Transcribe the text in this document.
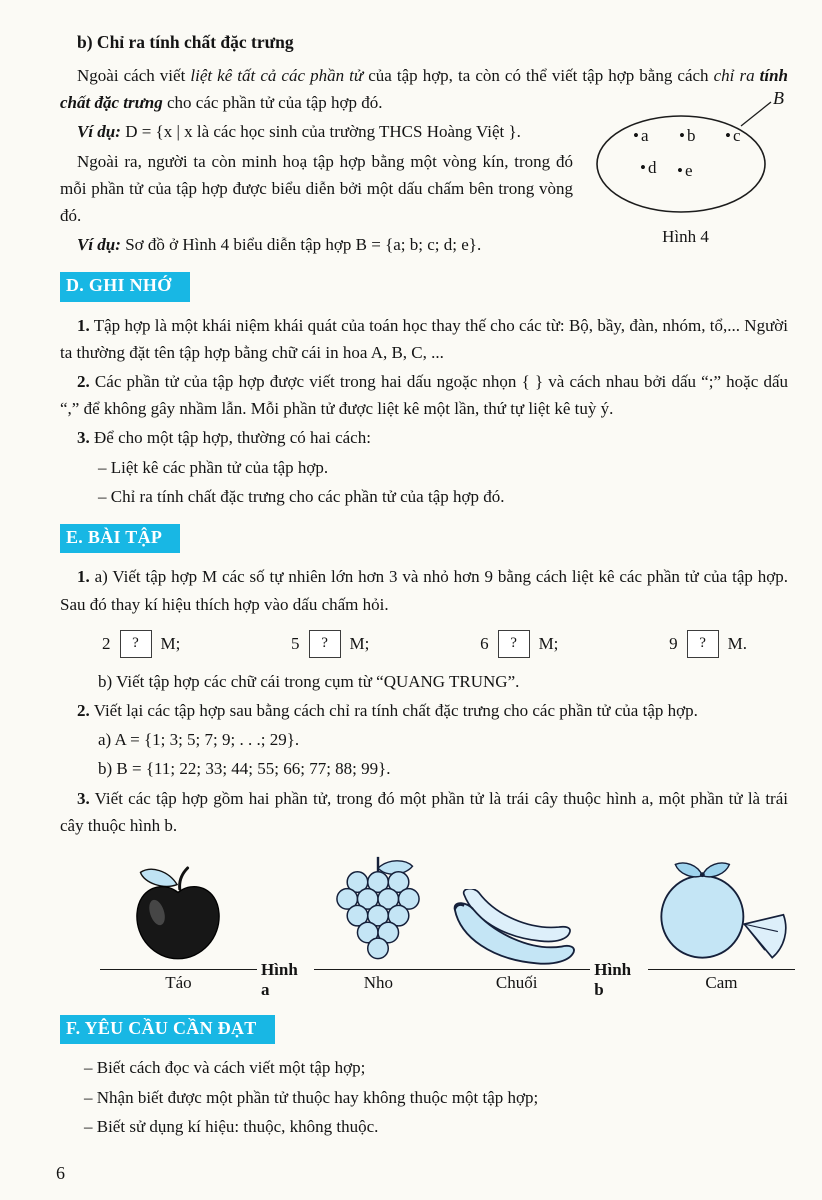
b) Chỉ ra tính chất đặc trưng

Ngoài cách viết liệt kê tất cả các phần tử của tập hợp, ta còn có thể viết tập hợp bằng cách chỉ ra tính chất đặc trưng cho các phần tử của tập hợp đó.	B
• a	• b	• c
• d	• e
Hình 4

Ví dụ: D = {x | x là các học sinh của trường THCS Hoàng Việt }.

Ngoài ra, người ta còn minh hoạ tập hợp bằng một vòng kín, trong đó mỗi phần tử của tập hợp được biểu diễn bởi một dấu chấm bên trong vòng đó.

Ví dụ: Sơ đồ ở Hình 4 biểu diễn tập hợp B = {a; b; c; d; e}.

D. GHI NHỚ

1. Tập hợp là một khái niệm khái quát của toán học thay thế cho các từ: Bộ, bầy, đàn, nhóm, tổ,... Người ta thường đặt tên tập hợp bằng chữ cái in hoa A, B, C, ...

2. Các phần tử của tập hợp được viết trong hai dấu ngoặc nhọn { } và cách nhau bởi dấu “;” hoặc dấu “,” để không gây nhầm lẫn. Mỗi phần tử được liệt kê một lần, thứ tự liệt kê tuỳ ý.

3. Để cho một tập hợp, thường có hai cách:

– Liệt kê các phần tử của tập hợp.

– Chỉ ra tính chất đặc trưng cho các phần tử của tập hợp đó.

E. BÀI TẬP

1. a) Viết tập hợp M các số tự nhiên lớn hơn 3 và nhỏ hơn 9 bằng cách liệt kê các phần tử của tập hợp. Sau đó thay kí hiệu thích hợp vào dấu chấm hỏi.

2	?	M;	5	?	M;	6	?	M;	9	?	M.

b) Viết tập hợp các chữ cái trong cụm từ “QUANG TRUNG”.

2. Viết lại các tập hợp sau bằng cách chỉ ra tính chất đặc trưng cho các phần tử của tập hợp.

a) A = {1; 3; 5; 7; 9; . . .; 29}.

b) B = {11; 22; 33; 44; 55; 66; 77; 88; 99}.

3. Viết các tập hợp gồm hai phần tử, trong đó một phần tử là trái cây thuộc hình a, một phần tử là trái cây thuộc hình b.

Táo
Hình a	Nho	Chuối
Hình b	Cam
F. YÊU CẦU CẦN ĐẠT

– Biết cách đọc và cách viết một tập hợp;

– Nhận biết được một phần tử thuộc hay không thuộc một tập hợp;

– Biết sử dụng kí hiệu: thuộc, không thuộc.

6
